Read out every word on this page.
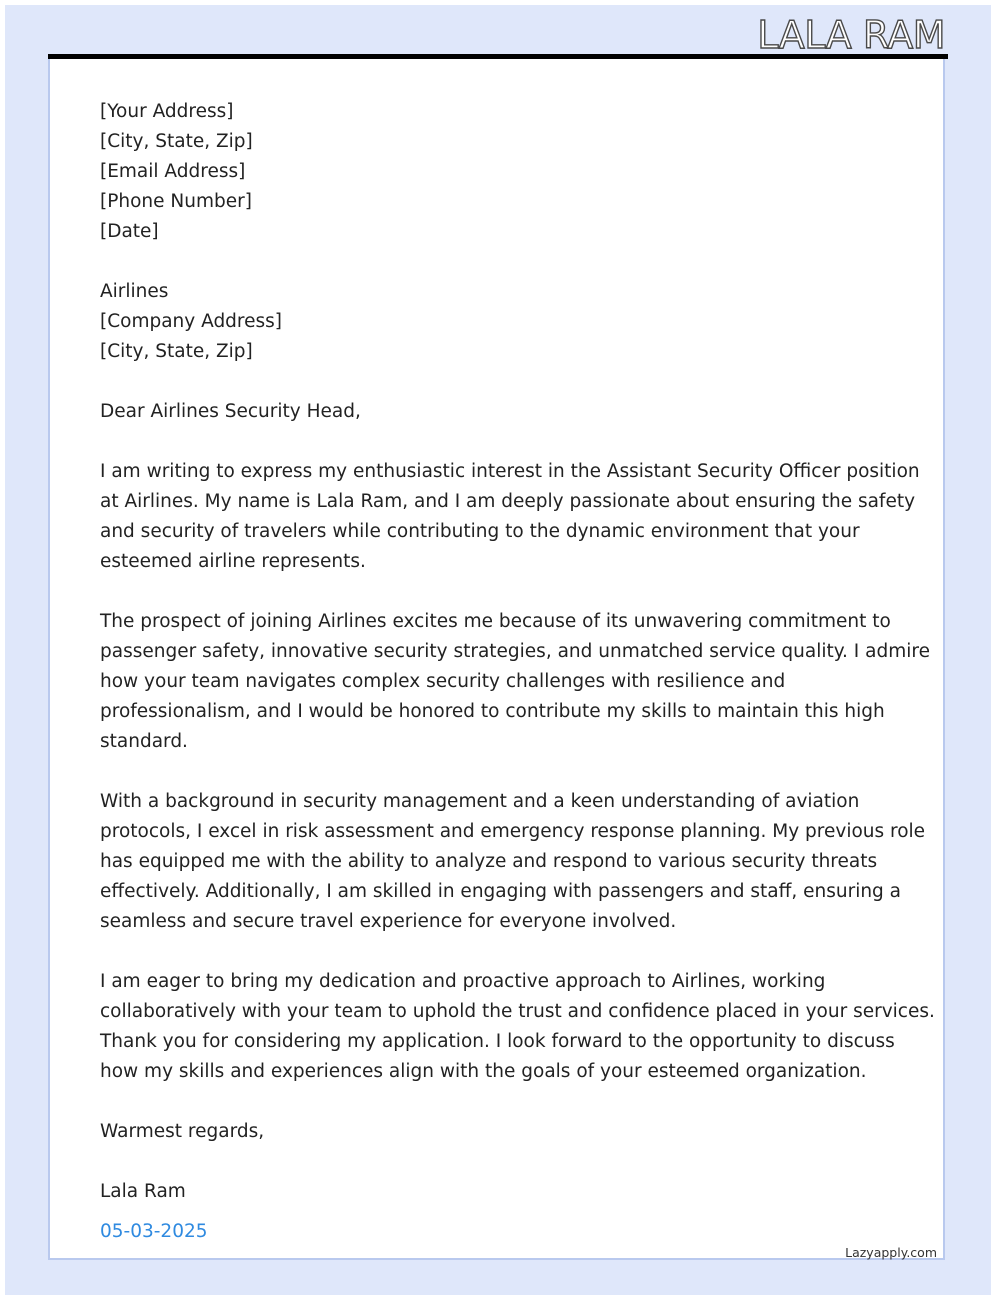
LALA RAM
[Your Address]
[City, State, Zip]
[Email Address]
[Phone Number]
[Date]
Airlines
[Company Address]
[City, State, Zip]
Dear Airlines Security Head,
I am writing to express my enthusiastic interest in the Assistant Security Officer position
at Airlines. My name is Lala Ram, and I am deeply passionate about ensuring the safety
and security of travelers while contributing to the dynamic environment that your
esteemed airline represents.
The prospect of joining Airlines excites me because of its unwavering commitment to
passenger safety, innovative security strategies, and unmatched service quality. I admire
how your team navigates complex security challenges with resilience and
professionalism, and I would be honored to contribute my skills to maintain this high
standard.
With a background in security management and a keen understanding of aviation
protocols, I excel in risk assessment and emergency response planning. My previous role
has equipped me with the ability to analyze and respond to various security threats
effectively. Additionally, I am skilled in engaging with passengers and staff, ensuring a
seamless and secure travel experience for everyone involved.
I am eager to bring my dedication and proactive approach to Airlines, working
collaboratively with your team to uphold the trust and confidence placed in your services.
Thank you for considering my application. I look forward to the opportunity to discuss
how my skills and experiences align with the goals of your esteemed organization.
Warmest regards,
Lala Ram
05-03-2025
Lazyapply.com
